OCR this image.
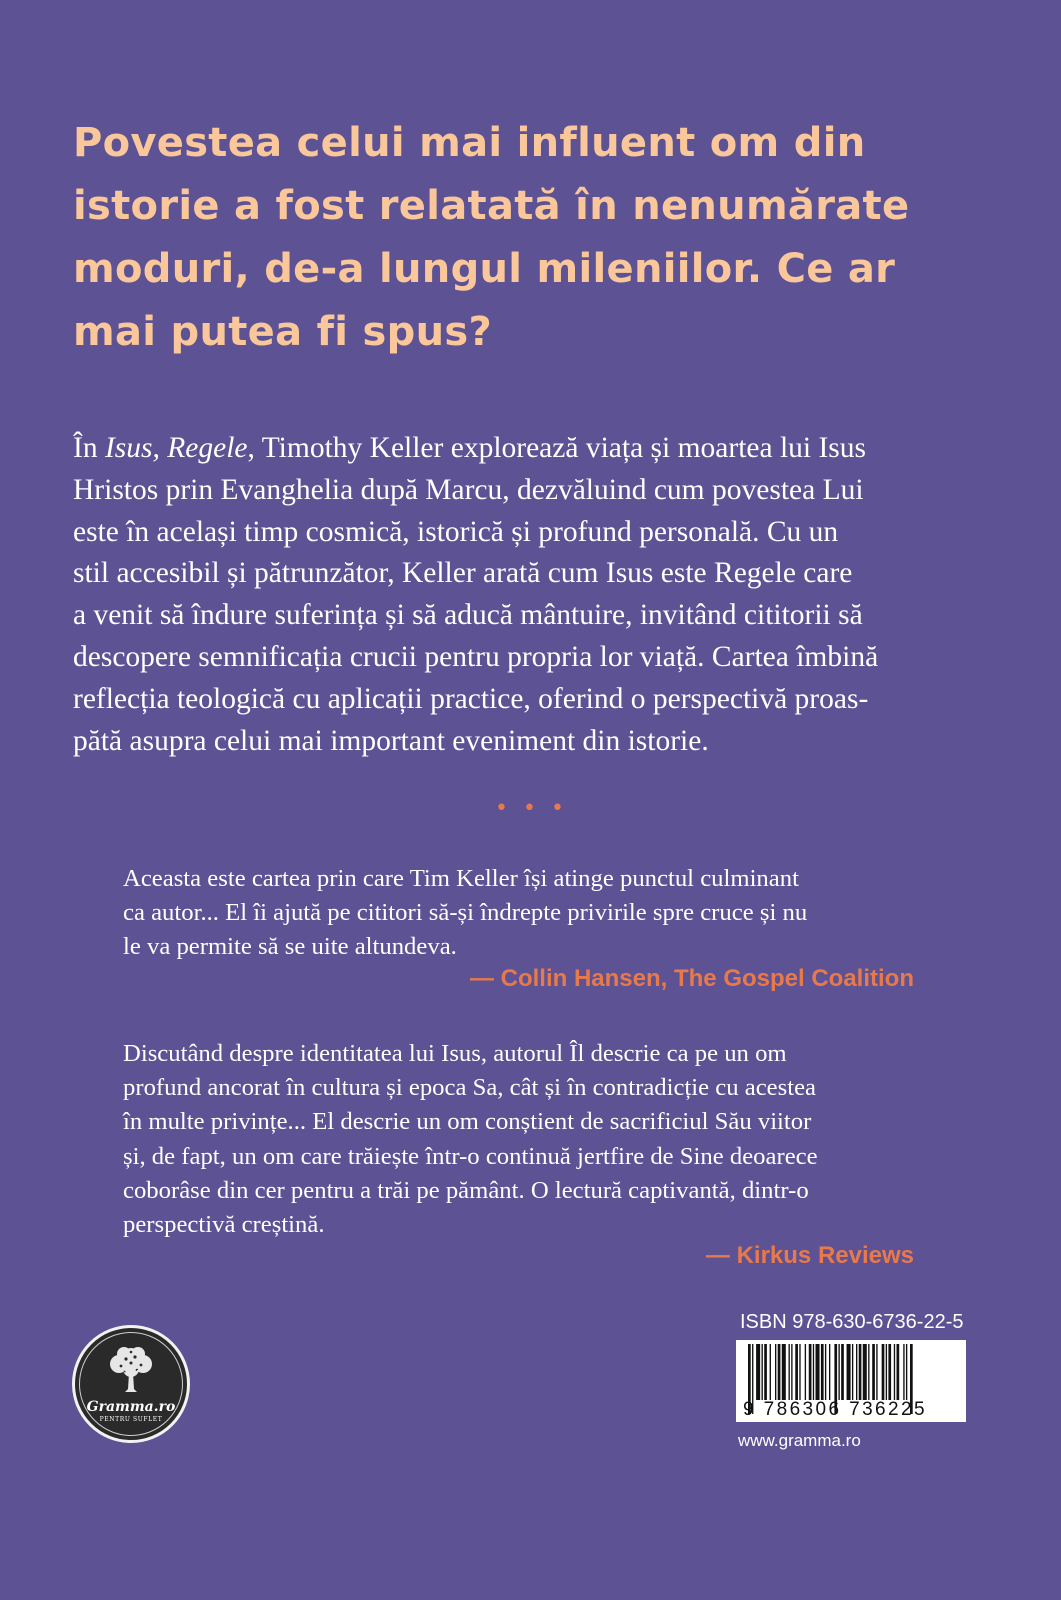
Povestea celui mai influent om din
istorie a fost relatată în nenumărate
moduri, de-a lungul mileniilor. Ce ar
mai putea fi spus?
În Isus, Regele, Timothy Keller explorează viața și moartea lui Isus
Hristos prin Evanghelia după Marcu, dezvăluind cum povestea Lui
este în același timp cosmică, istorică și profund personală. Cu un
stil accesibil și pătrunzător, Keller arată cum Isus este Regele care
a venit să îndure suferința și să aducă mântuire, invitând cititorii să
descopere semnificația crucii pentru propria lor viață. Cartea îmbină
reflecția teologică cu aplicații practice, oferind o perspectivă proas-
pătă asupra celui mai important eveniment din istorie.
• • •
Aceasta este cartea prin care Tim Keller își atinge punctul culminant
ca autor... El îi ajută pe cititori să-și îndrepte privirile spre cruce și nu
le va permite să se uite altundeva.
— Collin Hansen, The Gospel Coalition
Discutând despre identitatea lui Isus, autorul Îl descrie ca pe un om
profund ancorat în cultura și epoca Sa, cât și în contradicție cu acestea
în multe privințe... El descrie un om conștient de sacrificiul Său viitor
și, de fapt, un om care trăiește într-o continuă jertfire de Sine deoarece
coborâse din cer pentru a trăi pe pământ. O lectură captivantă, dintr-o
perspectivă creștină.
— Kirkus Reviews
Gramma.ro
PENTRU SUFLET
ISBN 978-630-6736-22-5
9 786306 736225
www.gramma.ro
